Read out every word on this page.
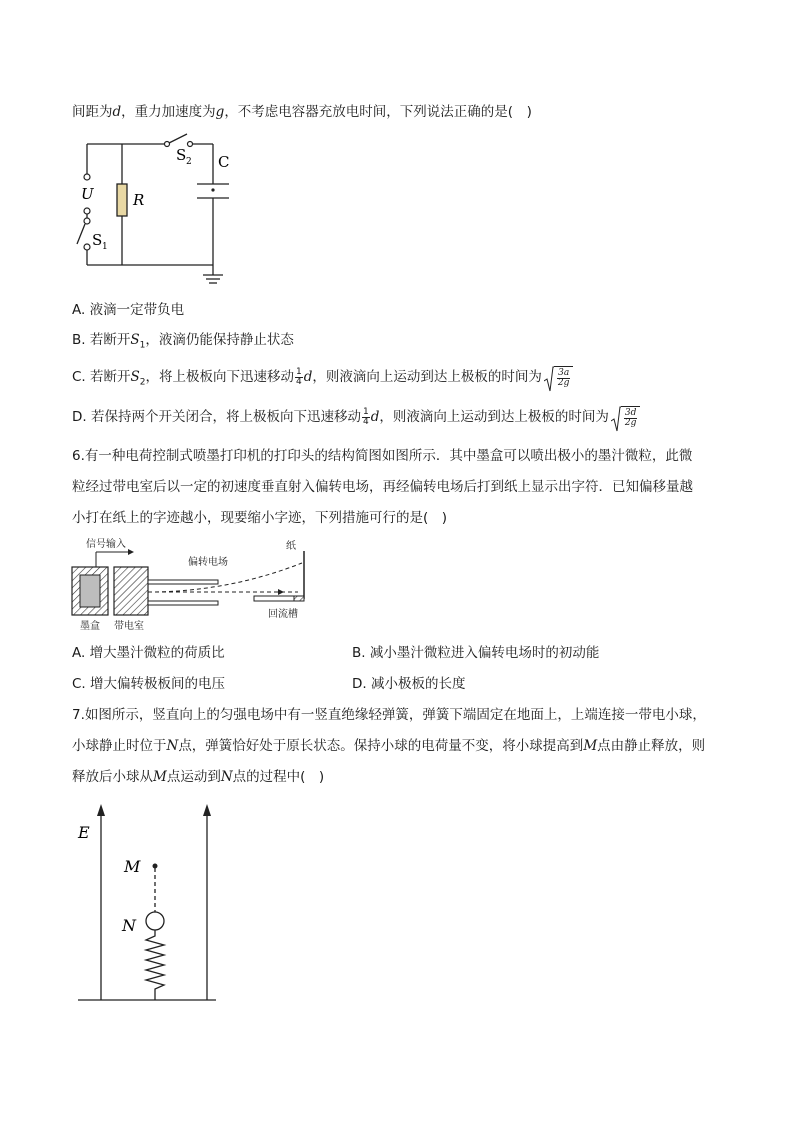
间距为d，重力加速度为g，不考虑电容器充放电时间，下列说法正确的是(　)
U	R
S 1
S 2 C
A. 液滴一定带负电
B. 若断开$S_1$，液滴仍能保持静止状态
C. 若断开$S_2$，将上极板向下迅速移动 $\frac{1}{4}$ d，则液滴向上运动到达上极板的时间为 $\frac{3a}{2g}$
D. 若保持两个开关闭合，将上极板向下迅速移动 $\frac{1}{4}$ d，则液滴向上运动到达上极板的时间为 $\frac{3d}{2g}$
6.有一种电荷控制式喷墨打印机的打印头的结构简图如图所示．其中墨盒可以喷出极小的墨汁微粒，此微
粒经过带电室后以一定的初速度垂直射入偏转电场，再经偏转电场后打到纸上显示出字符．已知偏移量越
小打在纸上的字迹越小，现要缩小字迹，下列措施可行的是(　)
信号输入
偏转电场
纸
墨盒 带电室
回流槽
A. 增大墨汁微粒的荷质比	B. 减小墨汁微粒进入偏转电场时的初动能
C. 增大偏转极板间的电压	D. 减小极板的长度
7.如图所示，竖直向上的匀强电场中有一竖直绝缘轻弹簧，弹簧下端固定在地面上，上端连接一带电小球，
小球静止时位于N点，弹簧恰好处于原长状态。保持小球的电荷量不变，将小球提高到M点由静止释放，则
释放后小球从M点运动到N点的过程中(　)
E
M
N
